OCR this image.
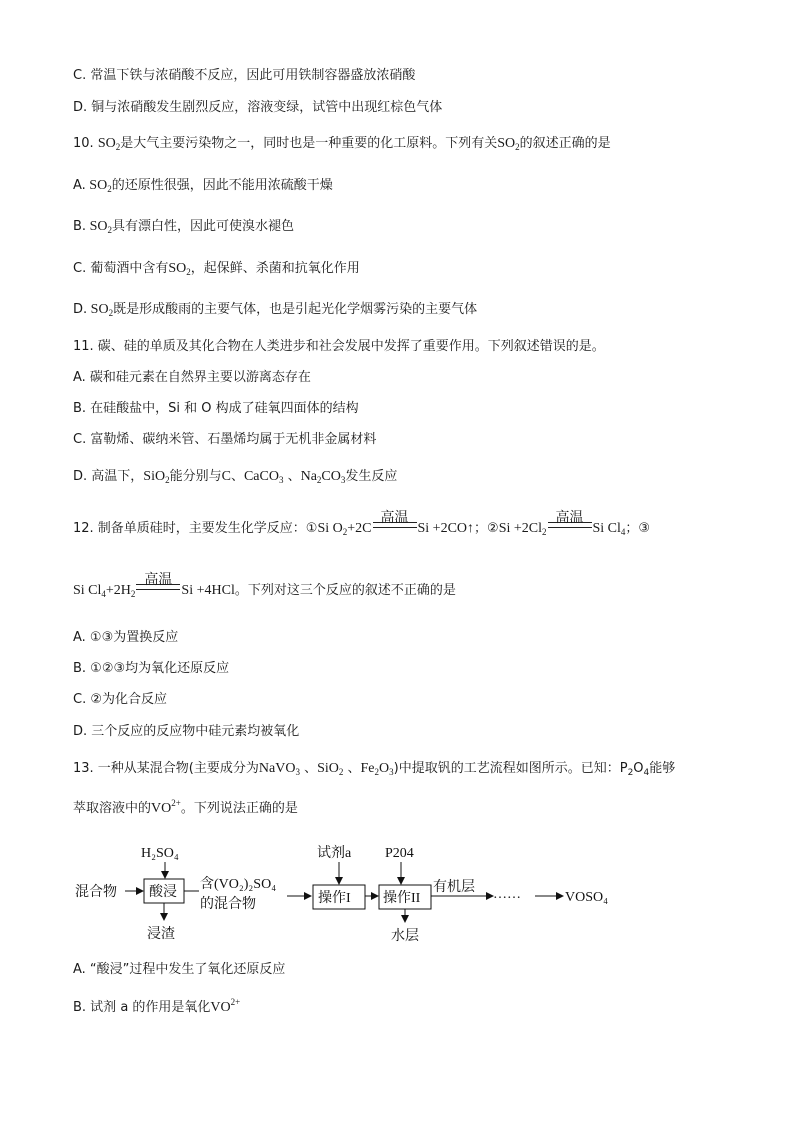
C. 常温下铁与浓硝酸不反应，因此可用铁制容器盛放浓硝酸
D. 铜与浓硝酸发生剧烈反应，溶液变绿，试管中出现红棕色气体
10. $SO_2$是大气主要污染物之一，同时也是一种重要的化工原料。下列有关$SO_2$的叙述正确的是
A. $SO_2$的还原性很强，因此不能用浓硫酸干燥
B. $SO_2$具有漂白性，因此可使溴水褪色
C. 葡萄酒中含有$SO_2$，起保鲜、杀菌和抗氧化作用
D. $SO_2$既是形成酸雨的主要气体，也是引起光化学烟雾污染的主要气体
11. 碳、硅的单质及其化合物在人类进步和社会发展中发挥了重要作用。下列叙述错误的是。
A. 碳和硅元素在自然界主要以游离态存在
B. 在硅酸盐中，Si 和 O 构成了硅氧四面体的结构
C. 富勒烯、碳纳米管、石墨烯均属于无机非金属材料
D. 高温下，SiO$_2$能分别与C、CaCO$_3$ 、$Na_2CO_3$发生反应
12. 制备单质硅时，主要发生化学反应：①Si $O_2+2C$
高温
Si +2CO↑；②Si $+2Cl_2$
高温
Si $Cl_4$；③
Si $Cl_4+2H_2$
高温
Si +4HCl。下列对这三个反应的叙述不正确的是
A. ①③为置换反应
B. ①②③均为氧化还原反应
C. ②为化合反应
D. 三个反应的反应物中硅元素均被氧化
13. 一种从某混合物(主要成分为NaVO$_3$ 、SiO$_2$ 、$Fe_2O_3$)中提取钒的工艺流程如图所示。已知：$P_2O_4$能够
萃取溶液中的$VO^{2+}$。下列说法正确的是
H₂SO₄
混合物 酸浸
浸渣
含(VO₂)₂SO₄
的混合物
试剂a
操作I
P204
操作II
水层
有机层 ……	VOSO₄
A. “酸浸”过程中发生了氧化还原反应
B. 试剂 a 的作用是氧化$VO^{2+}$
